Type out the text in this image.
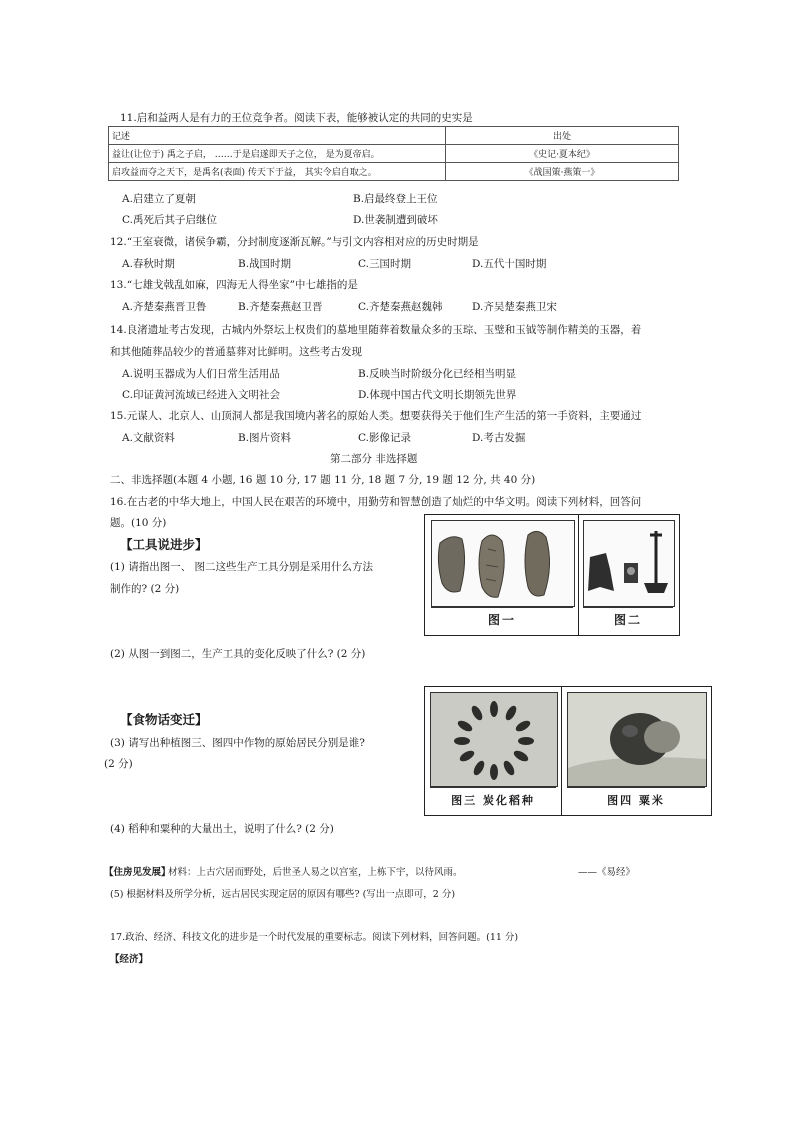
11.启和益两人是有力的王位竞争者。阅读下表，能够被认定的共同的史实是
记述	出处
益让(让位于) 禹之子启， ……于是启遂即天子之位， 是为夏帝启。	《史记·夏本纪》
启攻益而夺之天下，是禹名(表面) 传天下于益， 其实令启自取之。	《战国策·燕策一》
A.启建立了夏朝	B.启最终登上王位
C.禹死后其子启继位	D.世袭制遭到破坏
12.“王室衰微，诸侯争霸，分封制度逐渐瓦解。”与引文内容相对应的历史时期是
A.春秋时期	B.战国时期	C.三国时期	D.五代十国时期
13.“七雄戈戟乱如麻，四海无人得坐家”中七雄指的是
A.齐楚秦燕晋卫鲁	B.齐楚秦燕赵卫晋	C.齐楚秦燕赵魏韩	D.齐吴楚秦燕卫宋
14.良渚遗址考古发现，古城内外祭坛上权贵们的墓地里随葬着数量众多的玉琮、玉璧和玉钺等制作精美的玉器，着
和其他随葬品较少的普通墓葬对比鲜明。这些考古发现
A.说明玉器成为人们日常生活用品	B.反映当时阶级分化已经相当明显
C.印证黄河流域已经进入文明社会	D.体现中国古代文明长期领先世界
15.元谋人、北京人、山顶洞人都是我国境内著名的原始人类。想要获得关于他们生产生活的第一手资料，主要通过
A.文献资料	B.图片资料	C.影像记录	D.考古发掘
第二部分 非选择题
二、非选择题(本题 4 小题, 16 题 10 分, 17 题 11 分, 18 题 7 分, 19 题 12 分, 共 40 分)
16.在古老的中华大地上，中国人民在艰苦的环境中，用勤劳和智慧创造了灿烂的中华文明。阅读下列材料，回答问
题。(10 分)
【工具说进步】
(1) 请指出图一、 图二这些生产工具分别是采用什么方法
制作的? (2 分)
图一	图二
(2) 从图一到图二，生产工具的变化反映了什么? (2 分)
【食物话变迁】
(3) 请写出种植图三、图四中作物的原始居民分别是谁?
(2 分)
图三 炭化稻种	图四 粟米
(4) 稻种和粟种的大量出土，说明了什么? (2 分)
【住房见发展】
材料：上古穴居而野处，后世圣人易之以宫室，上栋下宇，以待风雨。	——《易经》
(5) 根据材料及所学分析，远古居民实现定居的原因有哪些? (写出一点即可，2 分)
17.政治、经济、科技文化的进步是一个时代发展的重要标志。阅读下列材料，回答问题。(11 分)
【经济】
